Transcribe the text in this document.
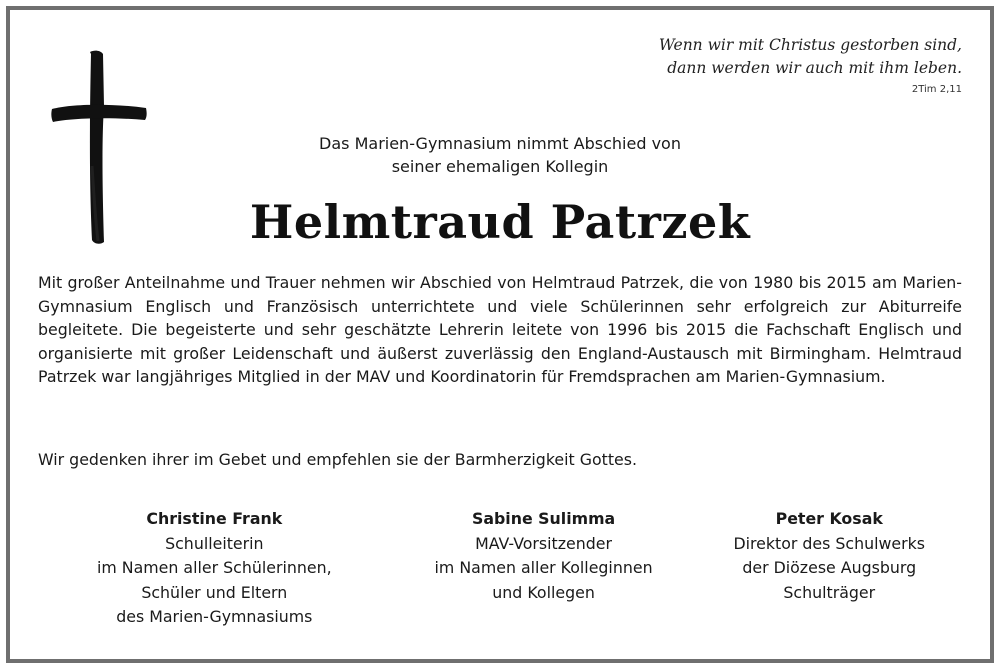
Wenn wir mit Christus gestorben sind,
dann werden wir auch mit ihm leben.
2Tim 2,11
Das Marien-Gymnasium nimmt Abschied von
seiner ehemaligen Kollegin
Helmtraud Patrzek
Mit großer Anteilnahme und Trauer nehmen wir Abschied von Helmtraud Patrzek, die von 1980 bis 2015 am Marien-Gymnasium Englisch und Französisch unterrichtete und viele Schülerinnen sehr erfolgreich zur Abiturreife begleitete. Die begeisterte und sehr geschätzte Lehrerin leitete von 1996 bis 2015 die Fachschaft Englisch und organisierte mit großer Leidenschaft und äußerst zuverlässig den England-Austausch mit Birmingham. Helmtraud Patrzek war langjähriges Mitglied in der MAV und Koordinatorin für Fremdsprachen am Marien-Gymnasium.
Wir gedenken ihrer im Gebet und empfehlen sie der Barmherzigkeit Gottes.
Christine Frank
Schulleiterin
im Namen aller Schülerinnen,
Schüler und Eltern
des Marien-Gymnasiums
Sabine Sulimma
MAV-Vorsitzender
im Namen aller Kolleginnen
und Kollegen
Peter Kosak
Direktor des Schulwerks
der Diözese Augsburg
Schulträger
